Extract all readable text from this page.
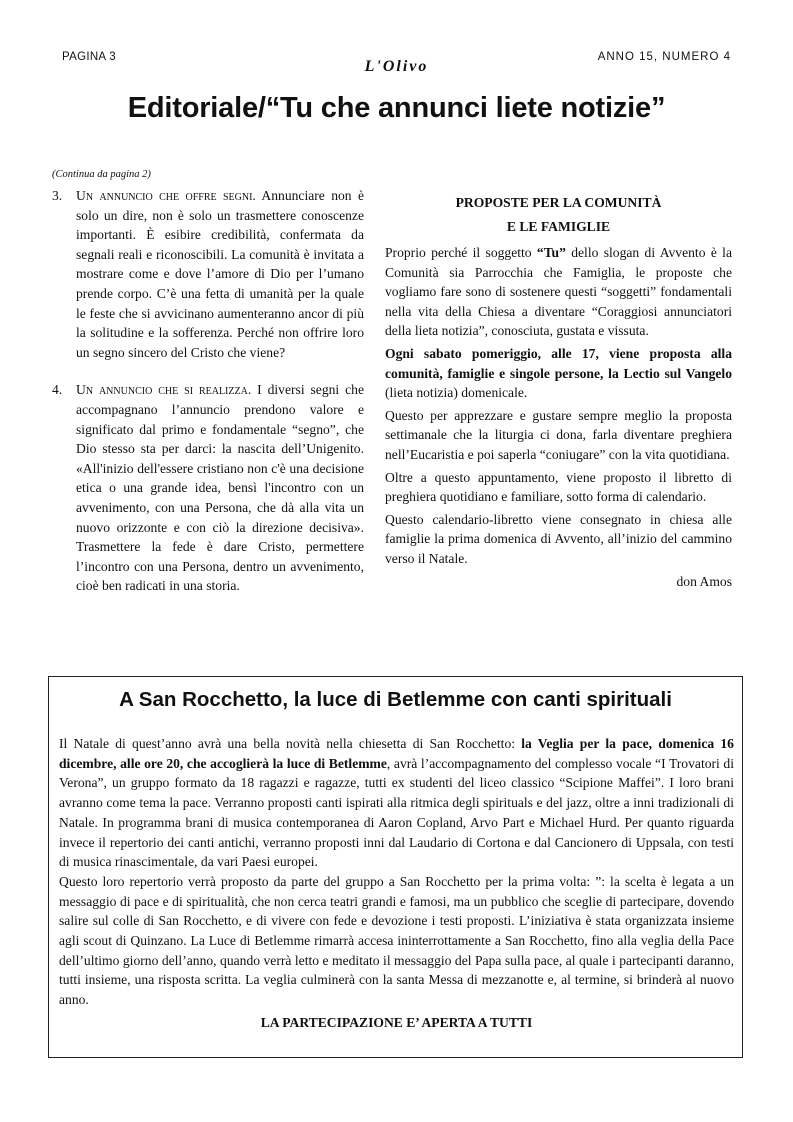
PAGINA 3
L'Olivo
ANNO 15, NUMERO 4
Editoriale/“Tu che annunci liete notizie”
(Continua da pagina 2)
3.	Un annuncio che offre segni. Annunciare non è solo un dire, non è solo un trasmettere conoscenze importanti. È esibire credibilità, confermata da segnali reali e riconoscibili. La comunità è invitata a mostrare come e dove l’amore di Dio per l’umano prende corpo. C’è una fetta di umanità per la quale le feste che si avvicinano aumenteranno ancor di più la solitudine e la sofferenza. Perché non offrire loro un segno sincero del Cristo che viene?
4.	Un annuncio che si realizza. I diversi segni che accompagnano l’annuncio prendono valore e significato dal primo e fondamentale “segno”, che Dio stesso sta per darci: la nascita dell’Unigenito. «All'inizio dell'essere cristiano non c'è una decisione etica o una grande idea, bensì l'incontro con un avvenimento, con una Persona, che dà alla vita un nuovo orizzonte e con ciò la direzione decisiva». Trasmettere la fede è dare Cristo, permettere l’incontro con una Persona, dentro un avvenimento, cioè ben radicati in una storia.
PROPOSTE PER LA COMUNITÀ
E LE FAMIGLIE

Proprio perché il soggetto “Tu” dello slogan di Avvento è la Comunità sia Parrocchia che Famiglia, le proposte che vogliamo fare sono di sostenere questi “soggetti” fondamentali nella vita della Chiesa a diventare “Coraggiosi annunciatori della lieta notizia”, conosciuta, gustata e vissuta.

Ogni sabato pomeriggio, alle 17, viene proposta alla comunità, famiglie e singole persone, la Lectio sul Vangelo (lieta notizia) domenicale.

Questo per apprezzare e gustare sempre meglio la proposta settimanale che la liturgia ci dona, farla diventare preghiera nell’Eucaristia e poi saperla “coniugare” con la vita quotidiana.

Oltre a questo appuntamento, viene proposto il libretto di preghiera quotidiano e familiare, sotto forma di calendario.

Questo calendario-libretto viene consegnato in chiesa alle famiglie la prima domenica di Avvento, all’inizio del cammino verso il Natale.

don Amos
A San Rocchetto, la luce di Betlemme con canti spirituali

Il Natale di quest’anno avrà una bella novità nella chiesetta di San Rocchetto: la Veglia per la pace, domenica 16 dicembre, alle ore 20, che accoglierà la luce di Betlemme, avrà l’accompagnamento del complesso vocale “I Trovatori di Verona”, un gruppo formato da 18 ragazzi e ragazze, tutti ex studenti del liceo classico “Scipione Maffei”. I loro brani avranno come tema la pace. Verranno proposti canti ispirati alla ritmica degli spirituals e del jazz, oltre a inni tradizionali di Natale. In programma brani di musica contemporanea di Aaron Copland, Arvo Part e Michael Hurd. Per quanto riguarda invece il repertorio dei canti antichi, verranno proposti inni dal Laudario di Cortona e dal Cancionero di Uppsala, con testi di musica rinascimentale, da vari Paesi europei.

Questo loro repertorio verrà proposto da parte del gruppo a San Rocchetto per la prima volta: ”: la scelta è legata a un messaggio di pace e di spiritualità, che non cerca teatri grandi e famosi, ma un pubblico che sceglie di partecipare, dovendo salire sul colle di San Rocchetto, e di vivere con fede e devozione i testi proposti. L’iniziativa è stata organizzata insieme agli scout di Quinzano. La Luce di Betlemme rimarrà accesa ininterrottamente a San Rocchetto, fino alla veglia della Pace dell’ultimo giorno dell’anno, quando verrà letto e meditato il messaggio del Papa sulla pace, al quale i partecipanti daranno, tutti insieme, una risposta scritta. La veglia culminerà con la santa Messa di mezzanotte e, al termine, si brinderà al nuovo anno.

LA PARTECIPAZIONE E’ APERTA A TUTTI
